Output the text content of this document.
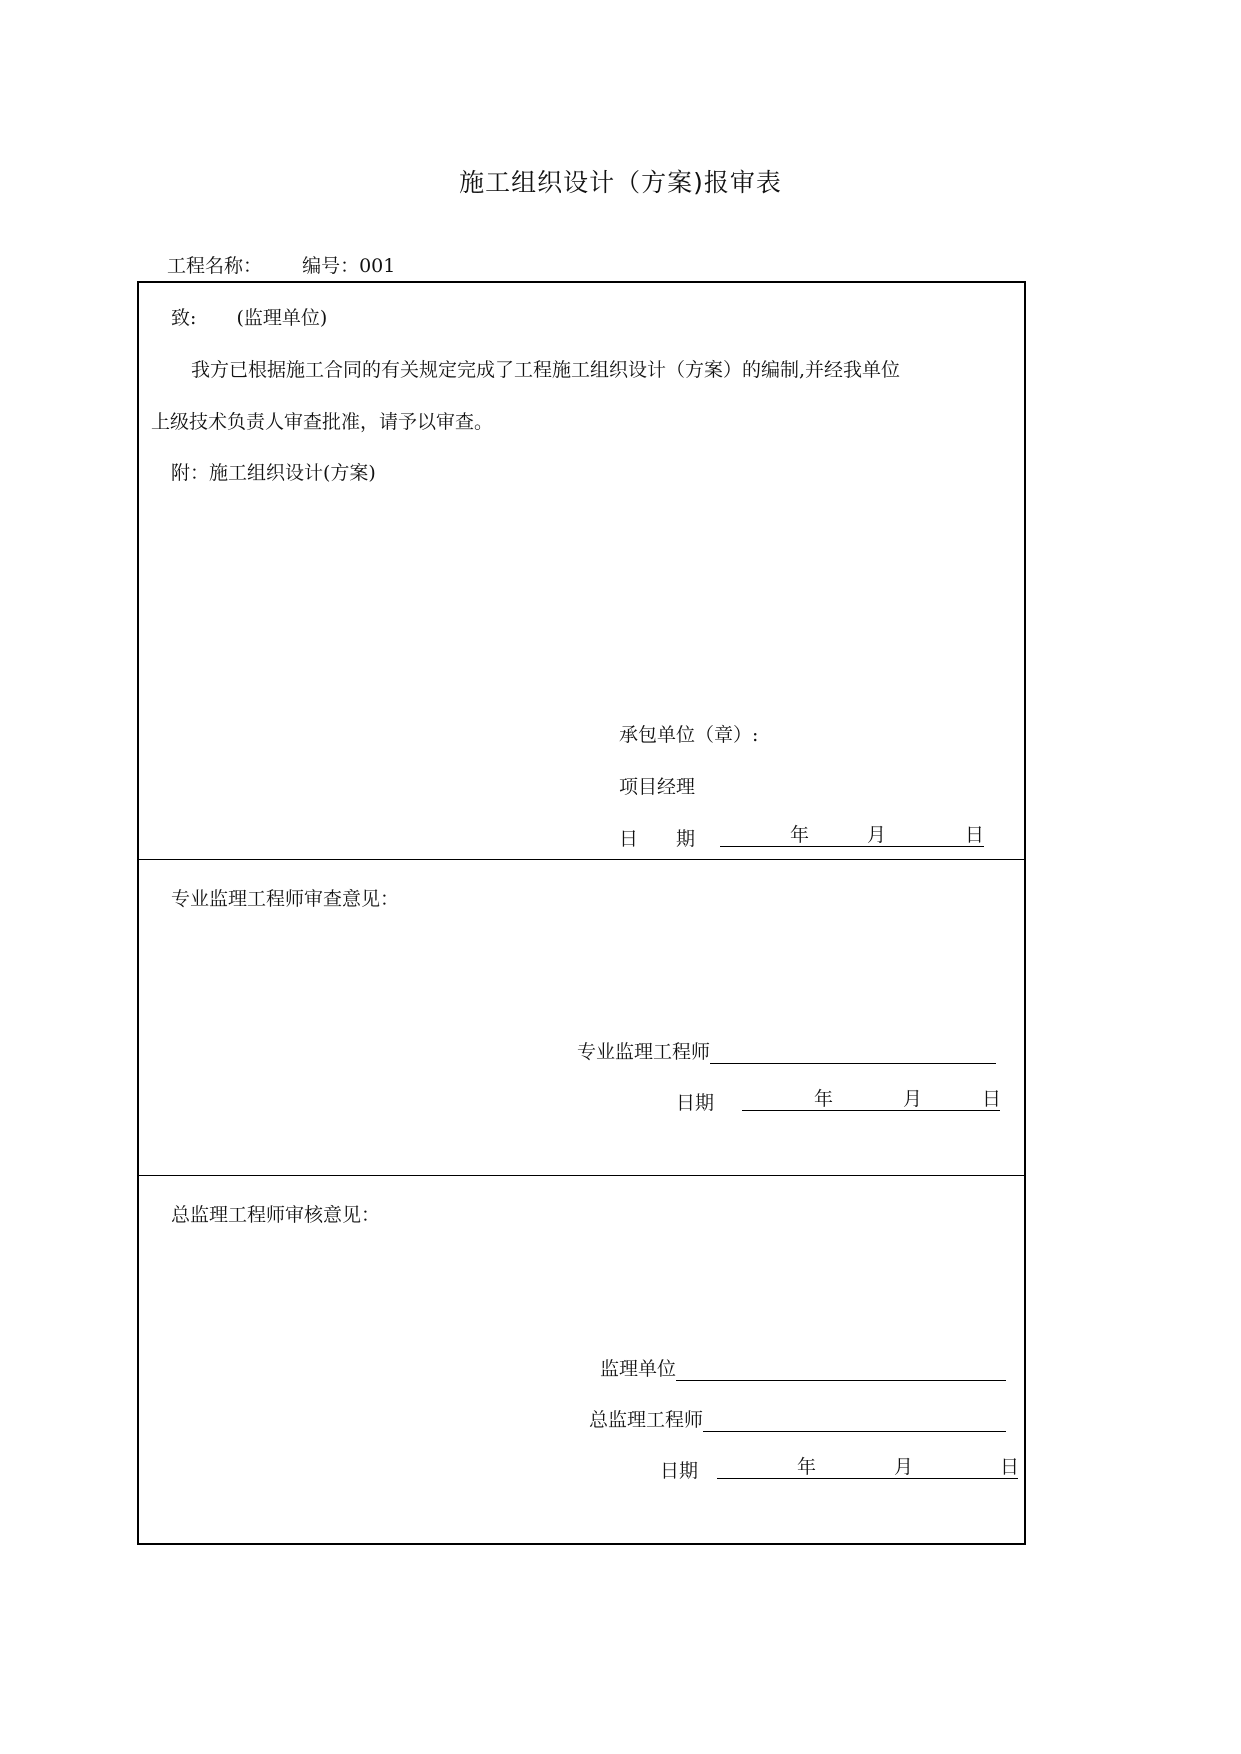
施工组织设计（方案)报审表
工程名称： 编号：001
致: (监理单位)
我方已根据施工合同的有关规定完成了工程施工组织设计（方案）的编制,并经我单位
上级技术负责人审查批准，请予以审查。
附：施工组织设计(方案)
承包单位（章）:
项目经理
日　　期	年	月	日
专业监理工程师审查意见：
专业监理工程师
日期	年	月	日
总监理工程师审核意见：
监理单位
总监理工程师
日期	年	月	日
